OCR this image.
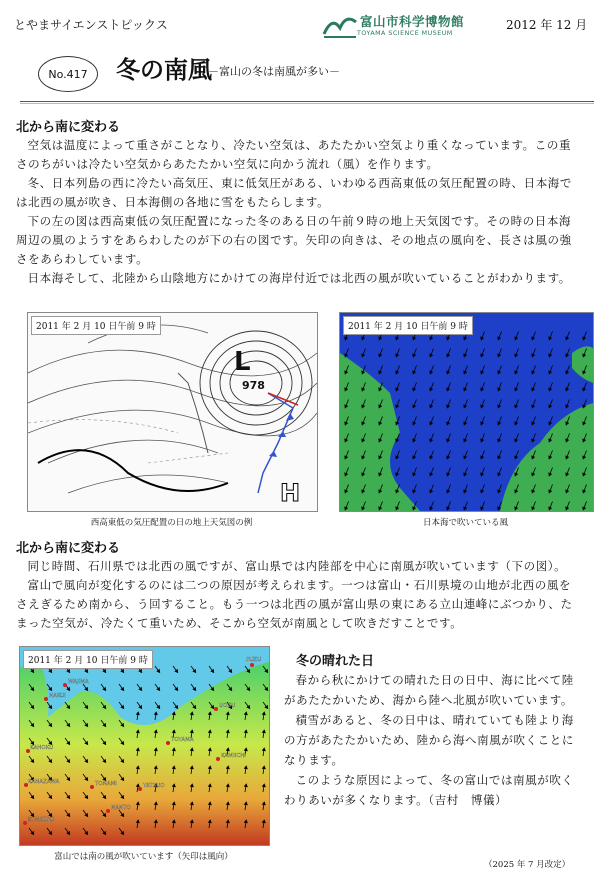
とやまサイエンストピックス	富山市科学博物館
TOYAMA SCIENCE MUSEUM
2012 年 12 月
No.417 冬の南風
－富山の冬は南風が多い－
北から南に変わる

空気は温度によって重さがことなり、冷たい空気は、あたたかい空気より重くなっています。この重さのちがいは冷たい空気からあたたかい空気に向かう流れ（風）を作ります。

冬、日本列島の西に冷たい高気圧、東に低気圧がある、いわゆる西高東低の気圧配置の時、日本海では北西の風が吹き、日本海側の各地に雪をもたらします。

下の左の図は西高東低の気圧配置になった冬のある日の午前９時の地上天気図です。その時の日本海周辺の風のようすをあらわしたのが下の右の図です。矢印の向きは、その地点の風向を、長さは風の強さをあらわしています。

日本海そして、北陸から山陰地方にかけての海岸付近では北西の風が吹いていることがわかります。

2011 年 2 月 10 日午前 9 時
L
978
H
西高東低の気圧配置の日の地上天気図の例
2011 年 2 月 10 日午前 9 時
日本海で吹いている風
北から南に変わる

同じ時間、石川県では北西の風ですが、富山県では内陸部を中心に南風が吹いています（下の図）。

富山で風向が変化するのには二つの原因が考えられます。一つは富山・石川県境の山地が北西の風をさえぎるため南から、う回すること。もう一つは北西の風が富山県の東にある立山連峰にぶつかり、たまった空気が、冷たくて重いため、そこから空気が南風として吹きだすことです。

WAJIMA
SUZU
HAKUI
TOYAMA
UOZU
KAMIICHI
TONAMI	YATSUO
NANTO
KAHOKU
KANAZAWA
KOMATSU
2011 年 2 月 10 日午前 9 時
富山では南の風が吹いています（矢印は風向）
冬の晴れた日

春から秋にかけての晴れた日の日中、海に比べて陸があたたかいため、海から陸へ北風が吹いています。

積雪があると、冬の日中は、晴れていても陸より海の方があたたかいため、陸から海へ南風が吹くことになります。

このような原因によって、冬の富山では南風が吹くわりあいが多くなります。（吉村　博儀）

（2025 年 7 月改定）
